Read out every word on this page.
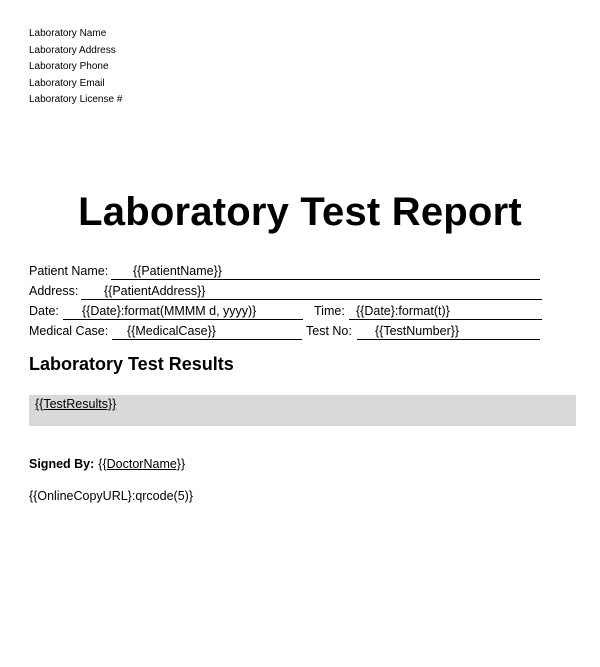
Laboratory Name
Laboratory Address
Laboratory Phone
Laboratory Email
Laboratory License #
Laboratory Test Report
Patient Name: {{PatientName}}
Address: {{PatientAddress}}
Date: {{Date}:format(MMMM d, yyyy)}	Time: {{Date}:format(t)}
Medical Case: {{MedicalCase}}	Test No: {{TestNumber}}
Laboratory Test Results
{{TestResults}}
Signed By: {{DoctorName}}
{{OnlineCopyURL}:qrcode(5)}
